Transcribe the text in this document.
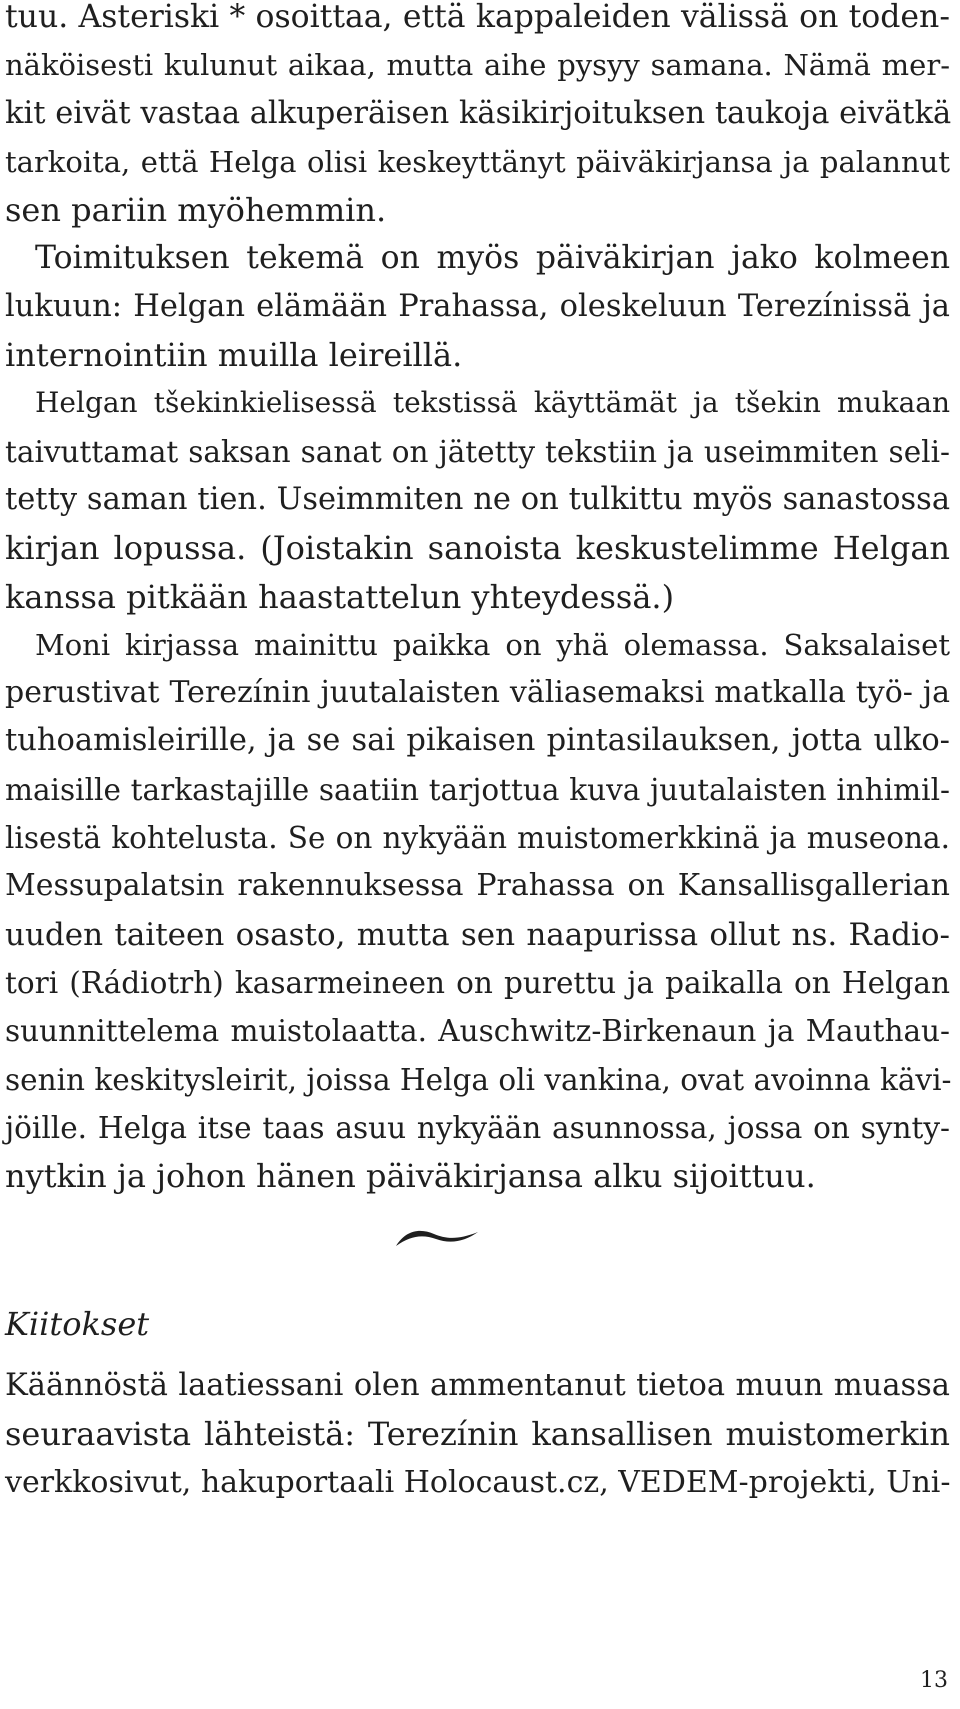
tuu. Asteriski * osoittaa, että kappaleiden välissä on toden-
näköisesti kulunut aikaa, mutta aihe pysyy samana. Nämä mer-
kit eivät vastaa alkuperäisen käsikirjoituksen taukoja eivätkä
tarkoita, että Helga olisi keskeyttänyt päiväkirjansa ja palannut
sen pariin myöhemmin.

Toimituksen tekemä on myös päiväkirjan jako kolmeen
lukuun: Helgan elämään Prahassa, oleskeluun Terezínissä ja
internointiin muilla leireillä.

Helgan tšekinkielisessä tekstissä käyttämät ja tšekin mukaan
taivuttamat saksan sanat on jätetty tekstiin ja useimmiten seli-
tetty saman tien. Useimmiten ne on tulkittu myös sanastossa
kirjan lopussa. (Joistakin sanoista keskustelimme Helgan
kanssa pitkään haastattelun yhteydessä.)

Moni kirjassa mainittu paikka on yhä olemassa. Saksalaiset
perustivat Terezínin juutalaisten väliasemaksi matkalla työ- ja
tuhoamisleirille, ja se sai pikaisen pintasilauksen, jotta ulko-
maisille tarkastajille saatiin tarjottua kuva juutalaisten inhimil-
lisestä kohtelusta. Se on nykyään muistomerkkinä ja museona.
Messupalatsin rakennuksessa Prahassa on Kansallisgallerian
uuden taiteen osasto, mutta sen naapurissa ollut ns. Radio-
tori (Rádiotrh) kasarmeineen on purettu ja paikalla on Helgan
suunnittelema muistolaatta. Auschwitz-Birkenaun ja Mauthau-
senin keskitysleirit, joissa Helga oli vankina, ovat avoinna kävi-
jöille. Helga itse taas asuu nykyään asunnossa, jossa on synty-
nytkin ja johon hänen päiväkirjansa alku sijoittuu.

Kiitokset

Käännöstä laatiessani olen ammentanut tietoa muun muassa
seuraavista lähteistä: Terezínin kansallisen muistomerkin
verkkosivut, hakuportaali Holocaust.cz, VEDEM-projekti, Uni-

13
